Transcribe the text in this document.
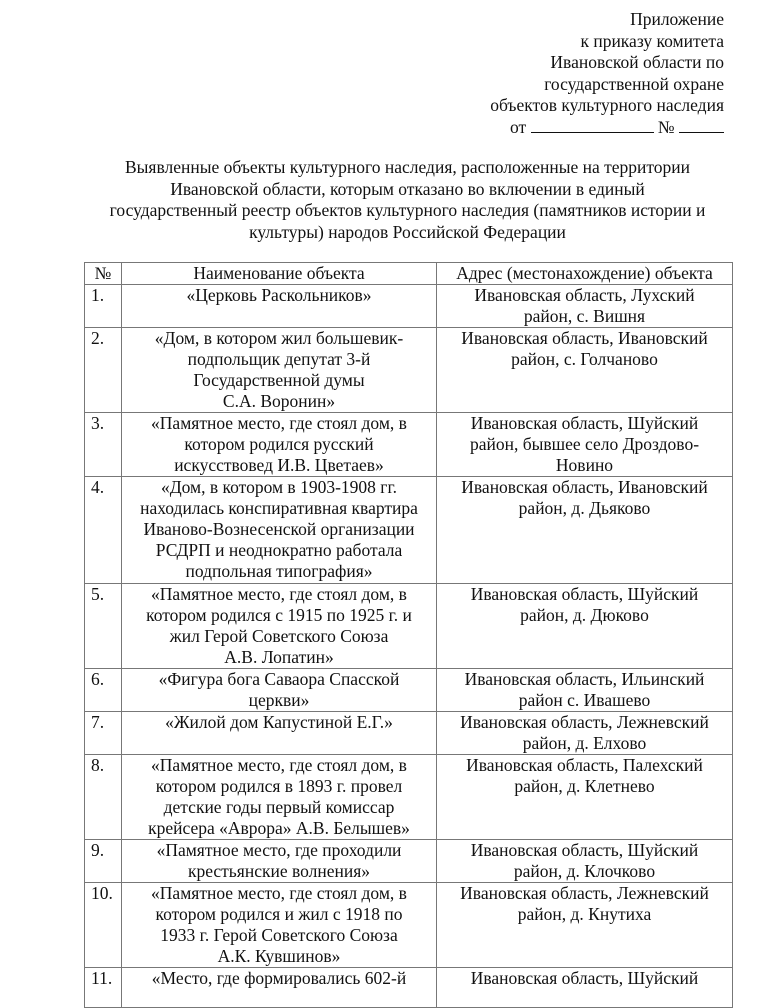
Приложение
к приказу комитета
Ивановской области по
государственной охране
объектов культурного наследия
от	№
Выявленные объекты культурного наследия, расположенные на территории
Ивановской области, которым отказано во включении в единый
государственный реестр объектов культурного наследия (памятников истории и
культуры) народов Российской Федерации
№	Наименование объекта	Адрес (местонахождение) объекта
1.	«Церковь Раскольников»	Ивановская область, Лухский
район, с. Вишня

2.	«Дом, в котором жил большевик-
подпольщик депутат 3-й
Государственной думы
С.А. Воронин»	Ивановская область, Ивановский
район, с. Голчаново

3.	«Памятное место, где стоял дом, в
котором родился русский
искусствовед И.В. Цветаев»	Ивановская область, Шуйский
район, бывшее село Дроздово-
Новино

4.	«Дом, в котором в 1903-1908 гг.
находилась конспиративная квартира
Иваново-Вознесенской организации
РСДРП и неоднократно работала
подпольная типография»	Ивановская область, Ивановский
район, д. Дьяково

5.	«Памятное место, где стоял дом, в
котором родился с 1915 по 1925 г. и
жил Герой Советского Союза
А.В. Лопатин»	Ивановская область, Шуйский
район, д. Дюково

6.	«Фигура бога Саваора Спасской
церкви»	Ивановская область, Ильинский
район с. Ивашево

7.	«Жилой дом Капустиной Е.Г.»	Ивановская область, Лежневский
район, д. Елхово

8.	«Памятное место, где стоял дом, в
котором родился в 1893 г. провел
детские годы первый комиссар
крейсера «Аврора» А.В. Белышев»	Ивановская область, Палехский
район, д. Клетнево

9.	«Памятное место, где проходили
крестьянские волнения»	Ивановская область, Шуйский
район, д. Клочково

10.	«Памятное место, где стоял дом, в
котором родился и жил с 1918 по
1933 г. Герой Советского Союза
А.К. Кувшинов»	Ивановская область, Лежневский
район, д. Кнутиха

11.	«Место, где формировались 602-й	Ивановская область, Шуйский
